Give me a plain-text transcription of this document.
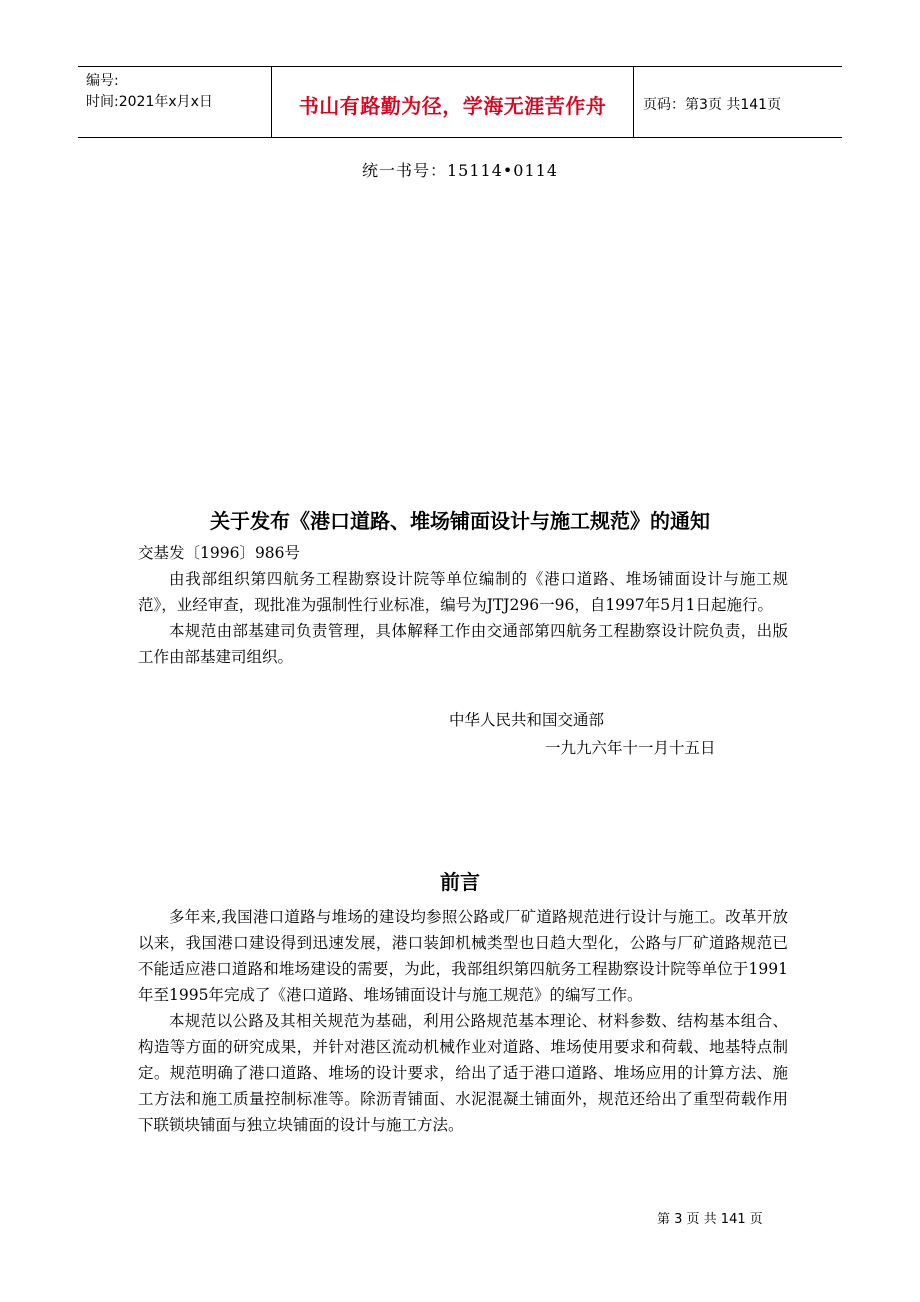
编号:
时间:2021年x月x日	书山有路勤为径，学海无涯苦作舟	页码：第3页 共141页
统一书号：15114•0114
关于发布《港口道路、堆场铺面设计与施工规范》的通知

交基发〔1996〕986号

由我部组织第四航务工程勘察设计院等单位编制的《港口道路、堆场铺面设计与施工规范》，业经审查，现批准为强制性行业标准，编号为JTJ296一96，自1997年5月1日起施行。

本规范由部基建司负责管理，具体解释工作由交通部第四航务工程勘察设计院负责，出版工作由部基建司组织。

中华人民共和国交通部
一九九六年十一月十五日
前言

多年来,我国港口道路与堆场的建设均参照公路或厂矿道路规范进行设计与施工。改革开放以来，我国港口建设得到迅速发展，港口装卸机械类型也日趋大型化，公路与厂矿道路规范已不能适应港口道路和堆场建设的需要，为此，我部组织第四航务工程勘察设计院等单位于1991年至1995年完成了《港口道路、堆场铺面设计与施工规范》的编写工作。

本规范以公路及其相关规范为基础，利用公路规范基本理论、材料参数、结构基本组合、构造等方面的研究成果，并针对港区流动机械作业对道路、堆场使用要求和荷载、地基特点制定。规范明确了港口道路、堆场的设计要求，给出了适于港口道路、堆场应用的计算方法、施工方法和施工质量控制标准等。除沥青铺面、水泥混凝土铺面外，规范还给出了重型荷载作用下联锁块铺面与独立块铺面的设计与施工方法。

第 3 页 共 141 页
